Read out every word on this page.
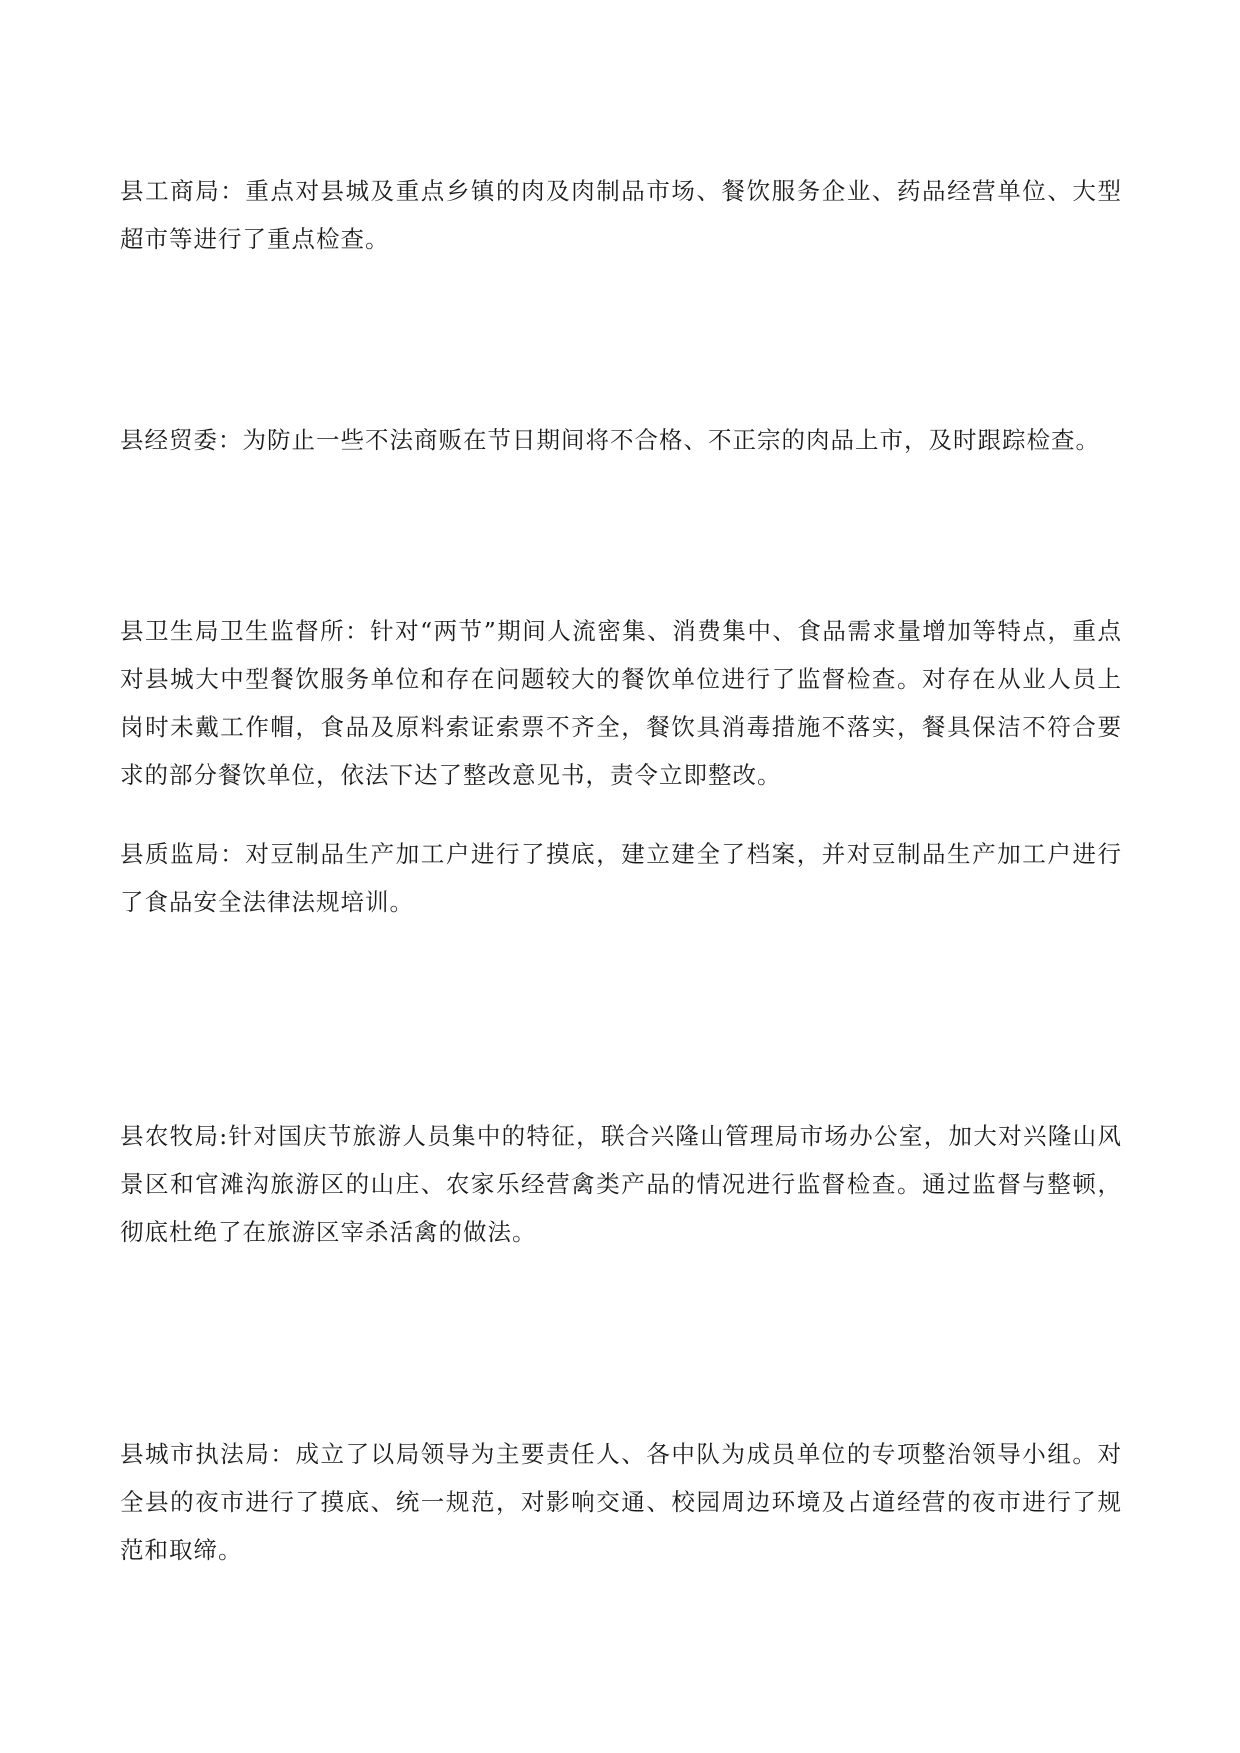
县工商局：重点对县城及重点乡镇的肉及肉制品市场、餐饮服务企业、药品经营单位、大型超市等进行了重点检查。

县经贸委：为防止一些不法商贩在节日期间将不合格、不正宗的肉品上市，及时跟踪检查。

县卫生局卫生监督所：针对“两节”期间人流密集、消费集中、食品需求量增加等特点，重点对县城大中型餐饮服务单位和存在问题较大的餐饮单位进行了监督检查。对存在从业人员上岗时未戴工作帽，食品及原料索证索票不齐全，餐饮具消毒措施不落实，餐具保洁不符合要求的部分餐饮单位，依法下达了整改意见书，责令立即整改。

县质监局：对豆制品生产加工户进行了摸底，建立建全了档案，并对豆制品生产加工户进行了食品安全法律法规培训。

县农牧局:针对国庆节旅游人员集中的特征，联合兴隆山管理局市场办公室，加大对兴隆山风景区和官滩沟旅游区的山庄、农家乐经营禽类产品的情况进行监督检查。通过监督与整顿，彻底杜绝了在旅游区宰杀活禽的做法。

县城市执法局：成立了以局领导为主要责任人、各中队为成员单位的专项整治领导小组。对全县的夜市进行了摸底、统一规范，对影响交通、校园周边环境及占道经营的夜市进行了规范和取缔。
